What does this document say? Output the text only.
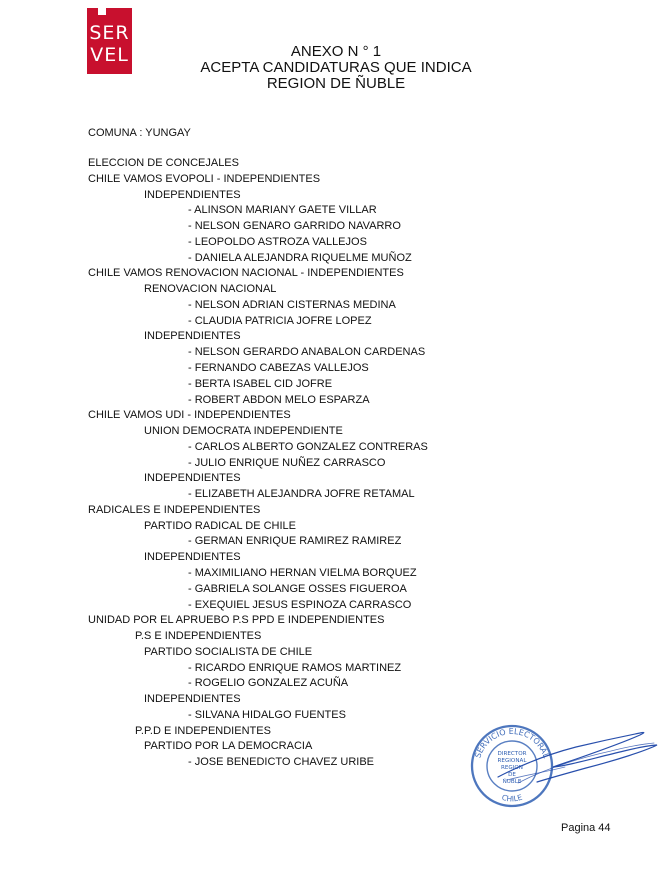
SER
VEL	ANEXO N ° 1
ACEPTA CANDIDATURAS QUE INDICA
REGION DE ÑUBLE
COMUNA : YUNGAY
ELECCION DE CONCEJALES
CHILE VAMOS EVOPOLI - INDEPENDIENTES
INDEPENDIENTES
- ALINSON MARIANY GAETE VILLAR
- NELSON GENARO GARRIDO NAVARRO
- LEOPOLDO ASTROZA VALLEJOS
- DANIELA ALEJANDRA RIQUELME MUÑOZ
CHILE VAMOS RENOVACION NACIONAL - INDEPENDIENTES
RENOVACION NACIONAL
- NELSON ADRIAN CISTERNAS MEDINA
- CLAUDIA PATRICIA JOFRE LOPEZ
INDEPENDIENTES
- NELSON GERARDO ANABALON CARDENAS
- FERNANDO CABEZAS VALLEJOS
- BERTA ISABEL CID JOFRE
- ROBERT ABDON MELO ESPARZA
CHILE VAMOS UDI - INDEPENDIENTES
UNION DEMOCRATA INDEPENDIENTE
- CARLOS ALBERTO GONZALEZ CONTRERAS
- JULIO ENRIQUE NUÑEZ CARRASCO
INDEPENDIENTES
- ELIZABETH ALEJANDRA JOFRE RETAMAL
RADICALES E INDEPENDIENTES
PARTIDO RADICAL DE CHILE
- GERMAN ENRIQUE RAMIREZ RAMIREZ
INDEPENDIENTES
- MAXIMILIANO HERNAN VIELMA BORQUEZ
- GABRIELA SOLANGE OSSES FIGUEROA
- EXEQUIEL JESUS ESPINOZA CARRASCO
UNIDAD POR EL APRUEBO P.S PPD E INDEPENDIENTES
P.S E INDEPENDIENTES
PARTIDO SOCIALISTA DE CHILE
- RICARDO ENRIQUE RAMOS MARTINEZ
- ROGELIO GONZALEZ ACUÑA
INDEPENDIENTES
- SILVANA HIDALGO FUENTES
P.P.D E INDEPENDIENTES
PARTIDO POR LA DEMOCRACIA
- JOSE BENEDICTO CHAVEZ URIBE
SERVICIO ELECTORAL
CHILE
DIRECTOR
REGIONAL
REGION
DE
ÑUBLE
Pagina 44
